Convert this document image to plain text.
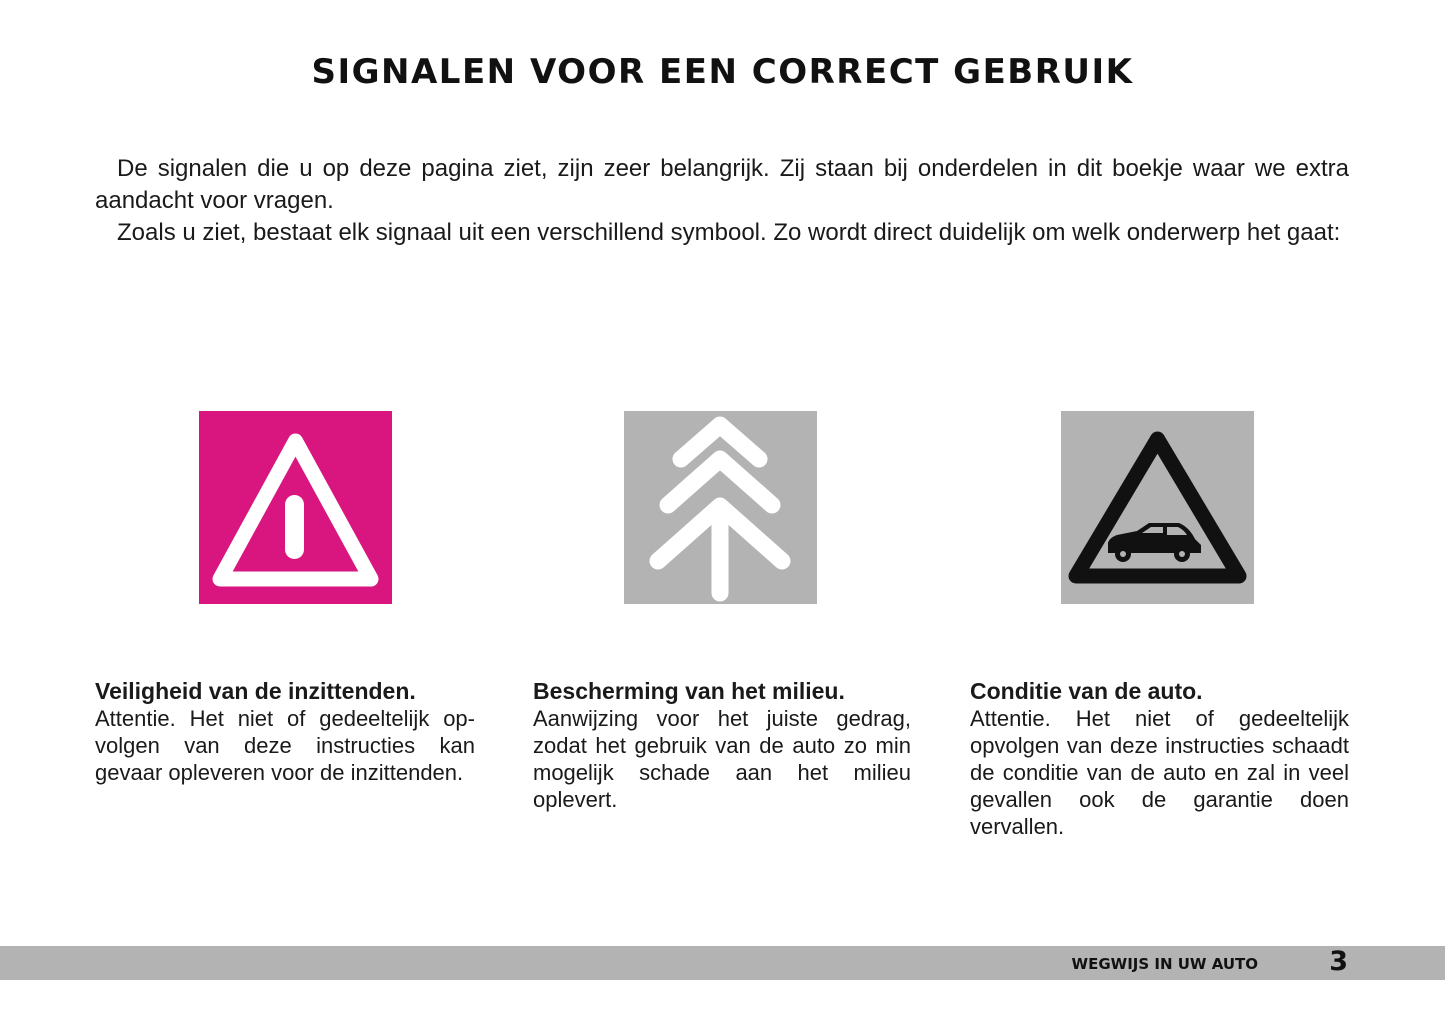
SIGNALEN VOOR EEN CORRECT GEBRUIK

De signalen die u op deze pagina ziet, zijn zeer belangrijk. Zij staan bij onderdelen in dit boekje waar we extra aandacht voor vragen.

Zoals u ziet, bestaat elk signaal uit een verschillend symbool. Zo wordt direct duidelijk om welk onderwerp het gaat:

Veiligheid van de inzittenden.

Attentie. Het niet of gedeeltelijk op-volgen van deze instructies kan gevaar opleveren voor de inzittenden.

Bescherming van het milieu.

Aanwijzing voor het juiste gedrag, zodat het gebruik van de auto zo min mogelijk schade aan het milieu oplevert.

Conditie van de auto.

Attentie. Het niet of gedeeltelijk opvolgen van deze instructies schaadt de conditie van de auto en zal in veel gevallen ook de garantie doen vervallen.

WEGWIJS IN UW AUTO	3
